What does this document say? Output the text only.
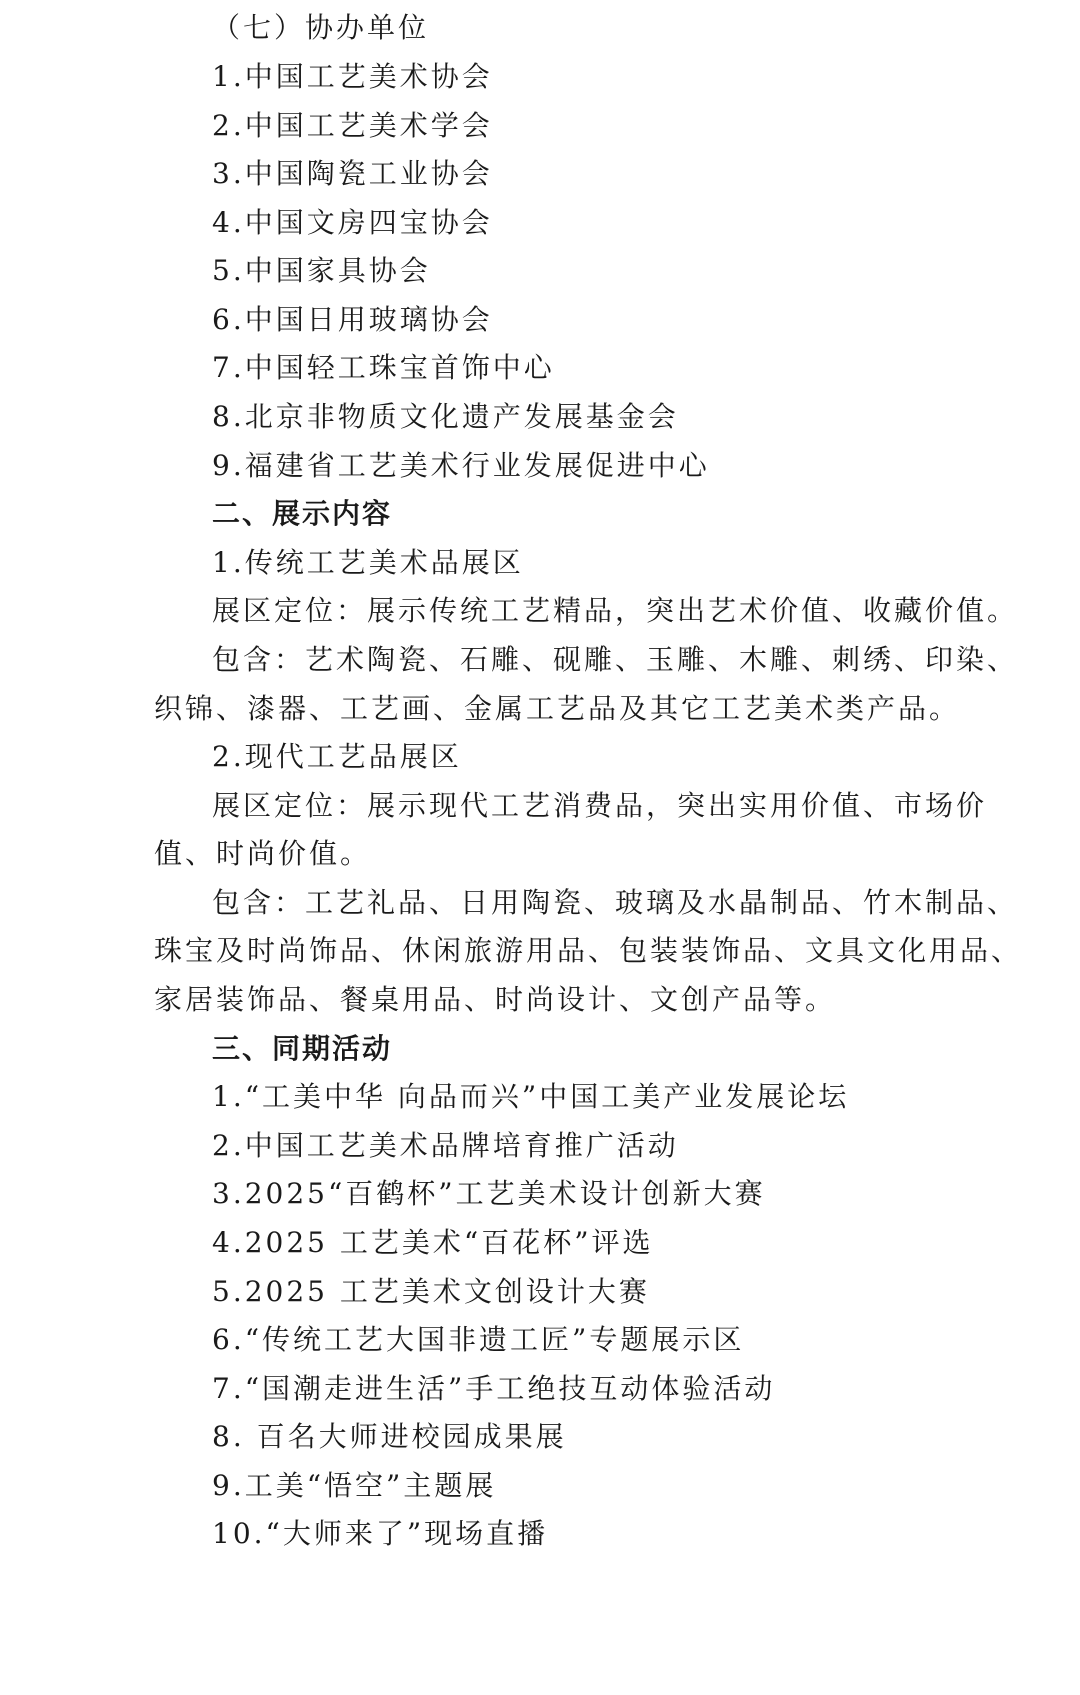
（七）协办单位
1.中国工艺美术协会
2.中国工艺美术学会
3.中国陶瓷工业协会
4.中国文房四宝协会
5.中国家具协会
6.中国日用玻璃协会
7.中国轻工珠宝首饰中心
8.北京非物质文化遗产发展基金会
9.福建省工艺美术行业发展促进中心
二、展示内容
1.传统工艺美术品展区
展区定位：展示传统工艺精品，突出艺术价值、收藏价值。
包含：艺术陶瓷、石雕、砚雕、玉雕、木雕、刺绣、印染、
织锦、漆器、工艺画、金属工艺品及其它工艺美术类产品。
2.现代工艺品展区
展区定位：展示现代工艺消费品，突出实用价值、市场价
值、时尚价值。
包含：工艺礼品、日用陶瓷、玻璃及水晶制品、竹木制品、
珠宝及时尚饰品、休闲旅游用品、包装装饰品、文具文化用品、
家居装饰品、餐桌用品、时尚设计、文创产品等。
三、同期活动
1.“工美中华 向品而兴”中国工美产业发展论坛
2.中国工艺美术品牌培育推广活动
3.2025“百鹤杯”工艺美术设计创新大赛
4.2025 工艺美术“百花杯”评选
5.2025 工艺美术文创设计大赛
6.“传统工艺大国非遗工匠”专题展示区
7.“国潮走进生活”手工绝技互动体验活动
8. 百名大师进校园成果展
9.工美“悟空”主题展
10.“大师来了”现场直播
